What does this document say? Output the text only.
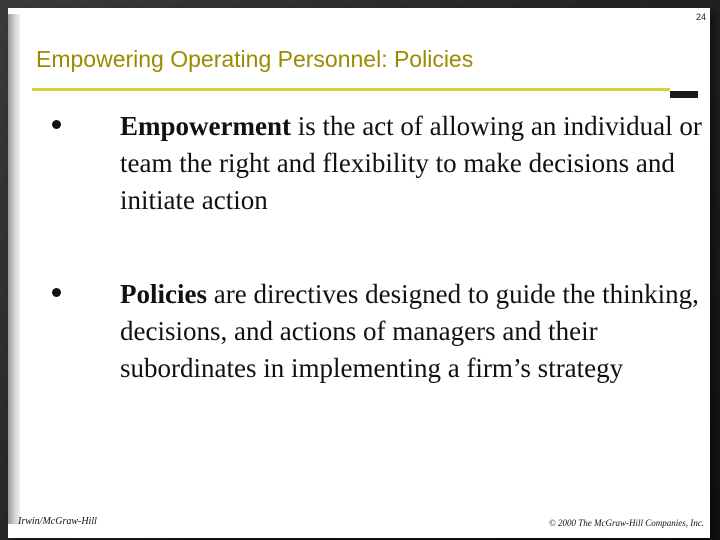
24
Empowering Operating Personnel: Policies
Empowerment is the act of allowing an individual or team the right and flexibility to make decisions and initiate action
Policies are directives designed to guide the thinking, decisions, and actions of managers and their subordinates in implementing a firm’s strategy
Irwin/McGraw-Hill	© 2000 The McGraw-Hill Companies, Inc.
